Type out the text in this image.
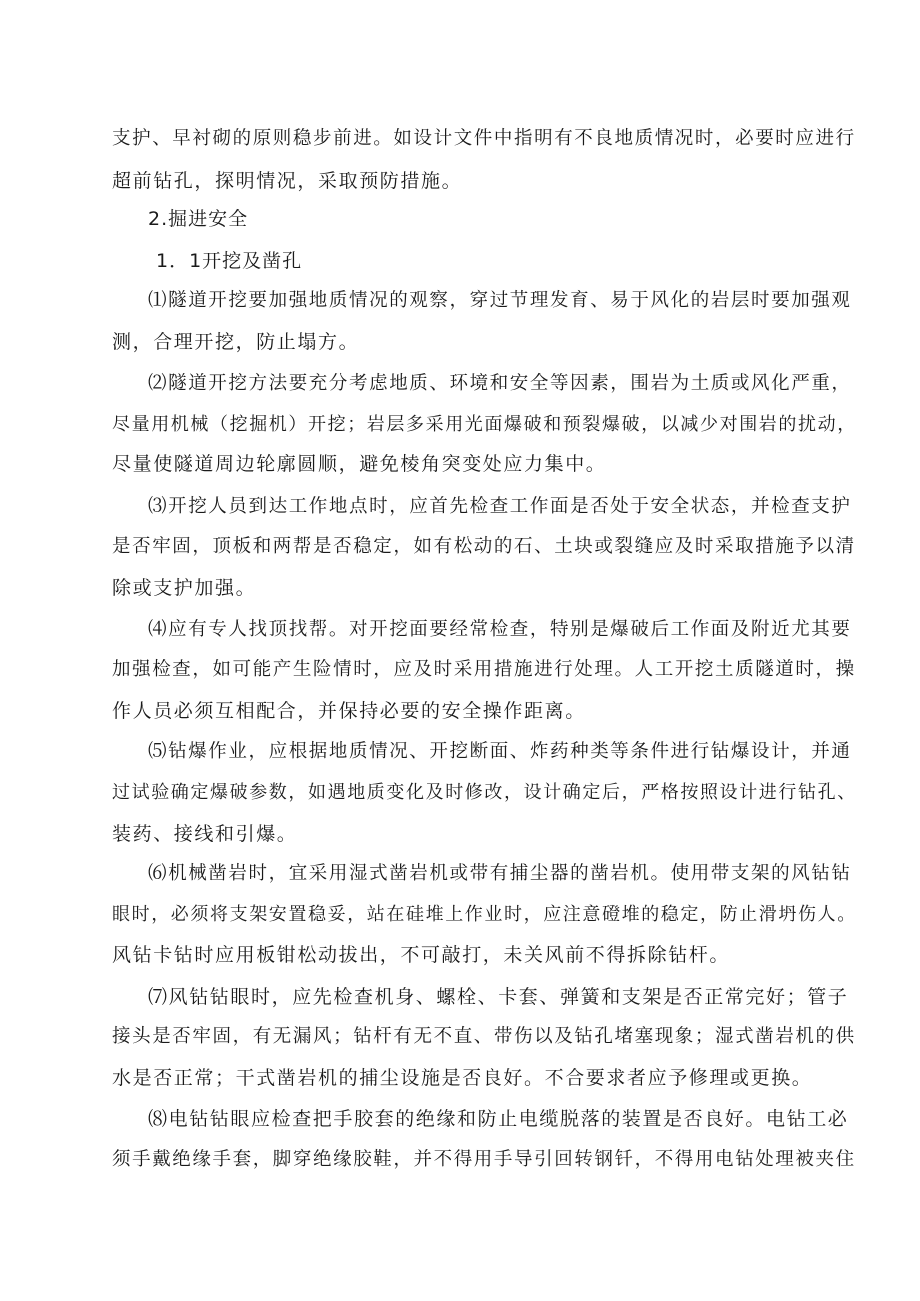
支护、早衬砌的原则稳步前进。如设计文件中指明有不良地质情况时，必要时应进行
超前钻孔，探明情况，采取预防措施。
2.掘进安全
1．1开挖及凿孔
⑴隧道开挖要加强地质情况的观察，穿过节理发育、易于风化的岩层时要加强观
测，合理开挖，防止塌方。
⑵隧道开挖方法要充分考虑地质、环境和安全等因素，围岩为土质或风化严重，
尽量用机械（挖掘机）开挖；岩层多采用光面爆破和预裂爆破，以减少对围岩的扰动，
尽量使隧道周边轮廓圆顺，避免棱角突变处应力集中。
⑶开挖人员到达工作地点时，应首先检查工作面是否处于安全状态，并检查支护
是否牢固，顶板和两帮是否稳定，如有松动的石、土块或裂缝应及时采取措施予以清
除或支护加强。
⑷应有专人找顶找帮。对开挖面要经常检查，特别是爆破后工作面及附近尤其要
加强检查，如可能产生险情时，应及时采用措施进行处理。人工开挖土质隧道时，操
作人员必须互相配合，并保持必要的安全操作距离。
⑸钻爆作业，应根据地质情况、开挖断面、炸药种类等条件进行钻爆设计，并通
过试验确定爆破参数，如遇地质变化及时修改，设计确定后，严格按照设计进行钻孔、
装药、接线和引爆。
⑹机械凿岩时，宜采用湿式凿岩机或带有捕尘器的凿岩机。使用带支架的风钻钻
眼时，必须将支架安置稳妥，站在硅堆上作业时，应注意磴堆的稳定，防止滑坍伤人。
风钻卡钻时应用板钳松动拔出，不可敲打，未关风前不得拆除钻杆。
⑺风钻钻眼时，应先检查机身、螺栓、卡套、弹簧和支架是否正常完好；管子
接头是否牢固，有无漏风；钻杆有无不直、带伤以及钻孔堵塞现象；湿式凿岩机的供
水是否正常；干式凿岩机的捕尘设施是否良好。不合要求者应予修理或更换。
⑻电钻钻眼应检查把手胶套的绝缘和防止电缆脱落的装置是否良好。电钻工必
须手戴绝缘手套，脚穿绝缘胶鞋，并不得用手导引回转钢钎，不得用电钻处理被夹住
